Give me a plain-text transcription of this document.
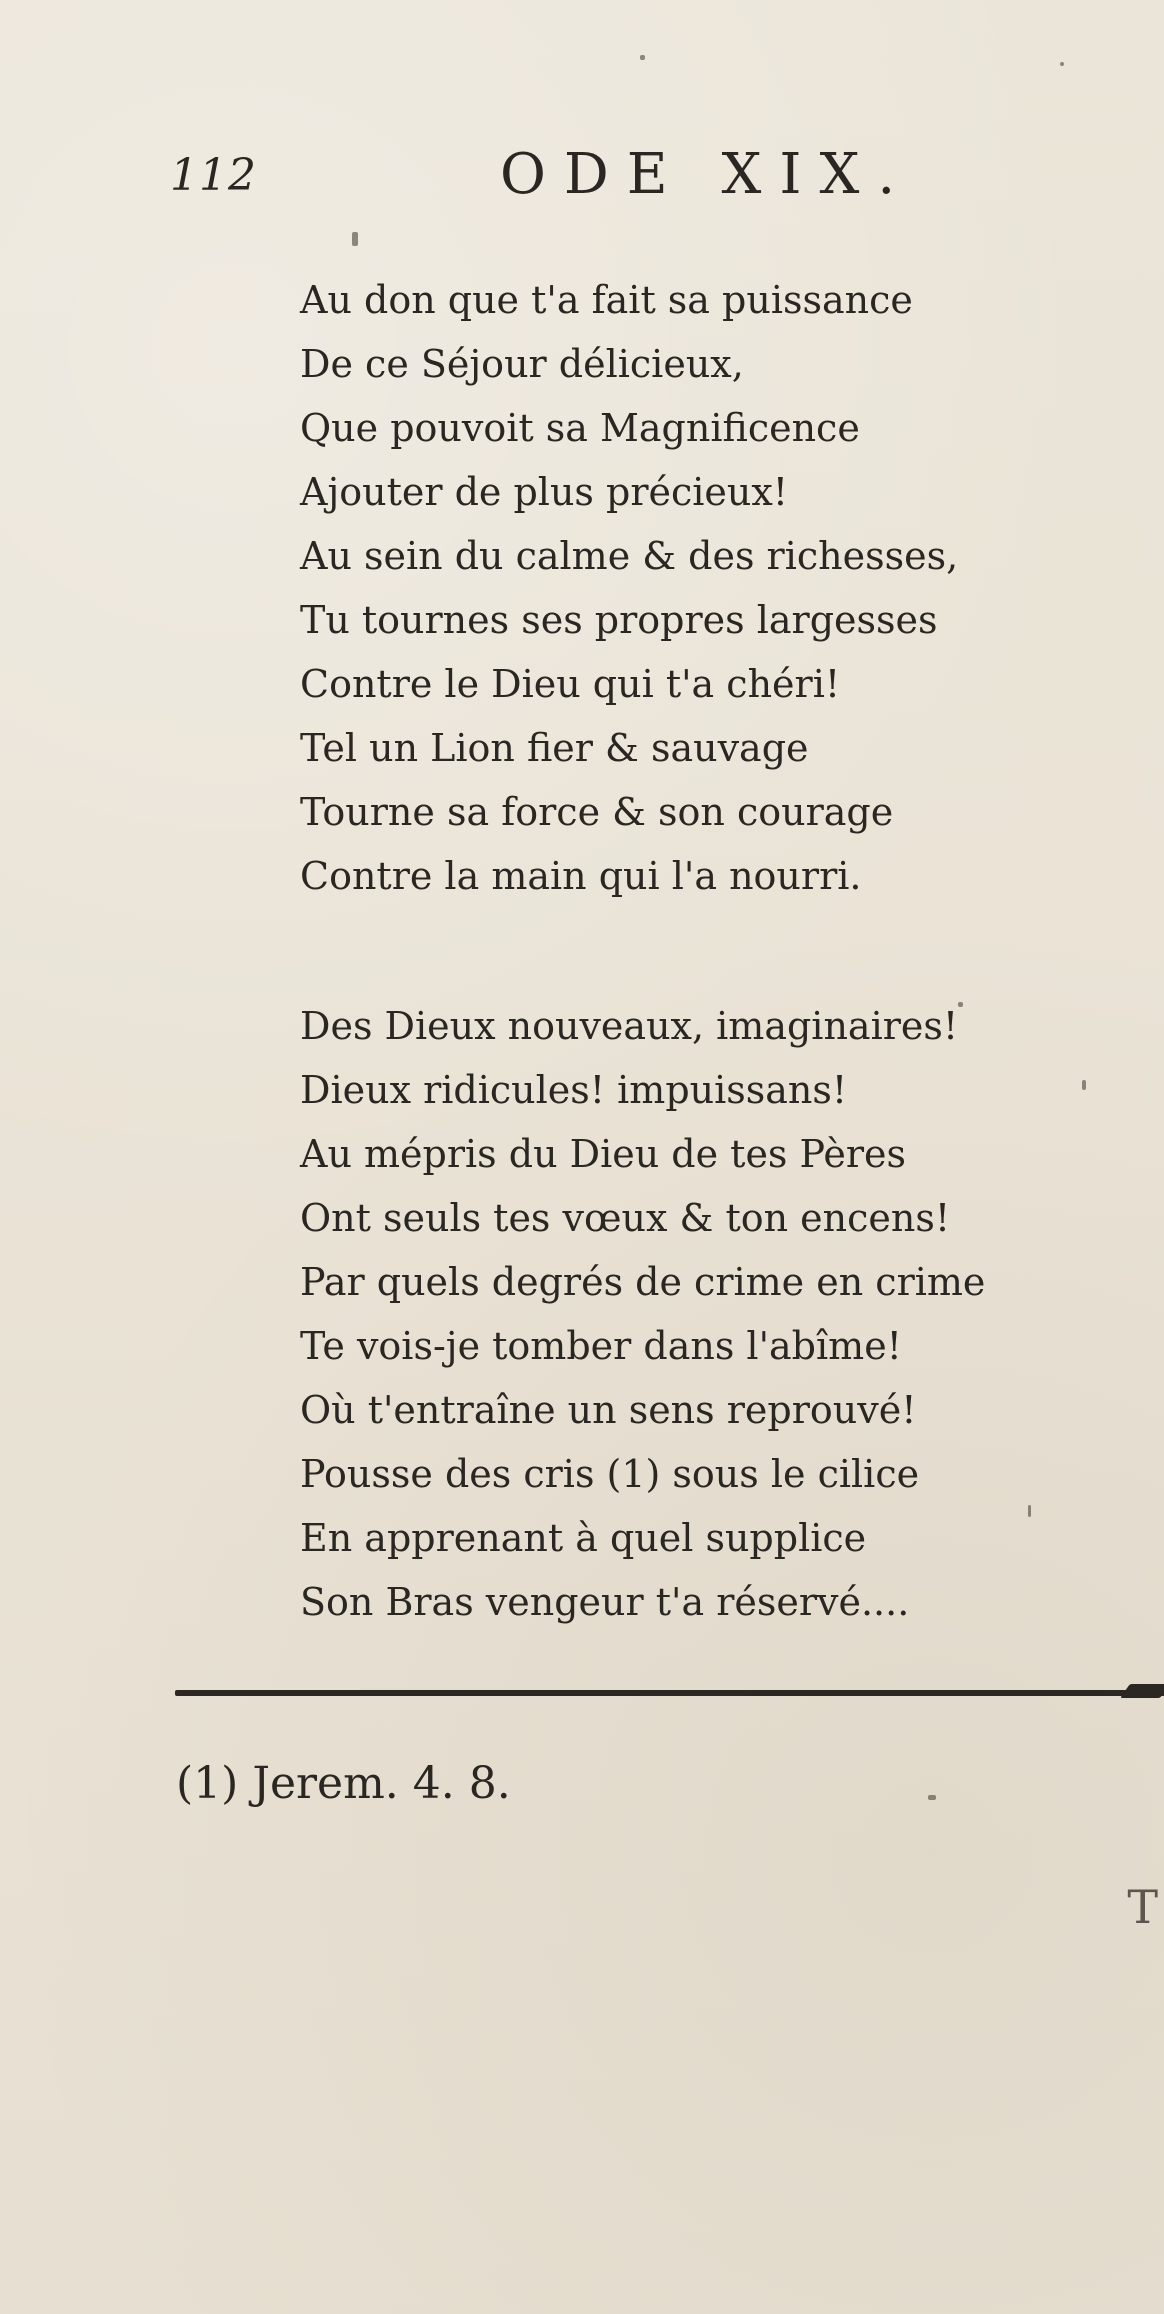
112	ODE XIX.
Au don que t'a fait sa puissance
De ce Séjour délicieux,
Que pouvoit sa Magnificence
Ajouter de plus précieux!
Au sein du calme & des richesses,
Tu tournes ses propres largesses
Contre le Dieu qui t'a chéri!
Tel un Lion fier & sauvage
Tourne sa force & son courage
Contre la main qui l'a nourri.
Des Dieux nouveaux, imaginaires!
Dieux ridicules! impuissans!
Au mépris du Dieu de tes Pères
Ont seuls tes vœux & ton encens!
Par quels degrés de crime en crime
Te vois-je tomber dans l'abîme!
Où t'entraîne un sens reprouvé!
Pousse des cris (1) sous le cilice
En apprenant à quel supplice
Son Bras vengeur t'a réservé....
(1) Jerem. 4. 8.
T
